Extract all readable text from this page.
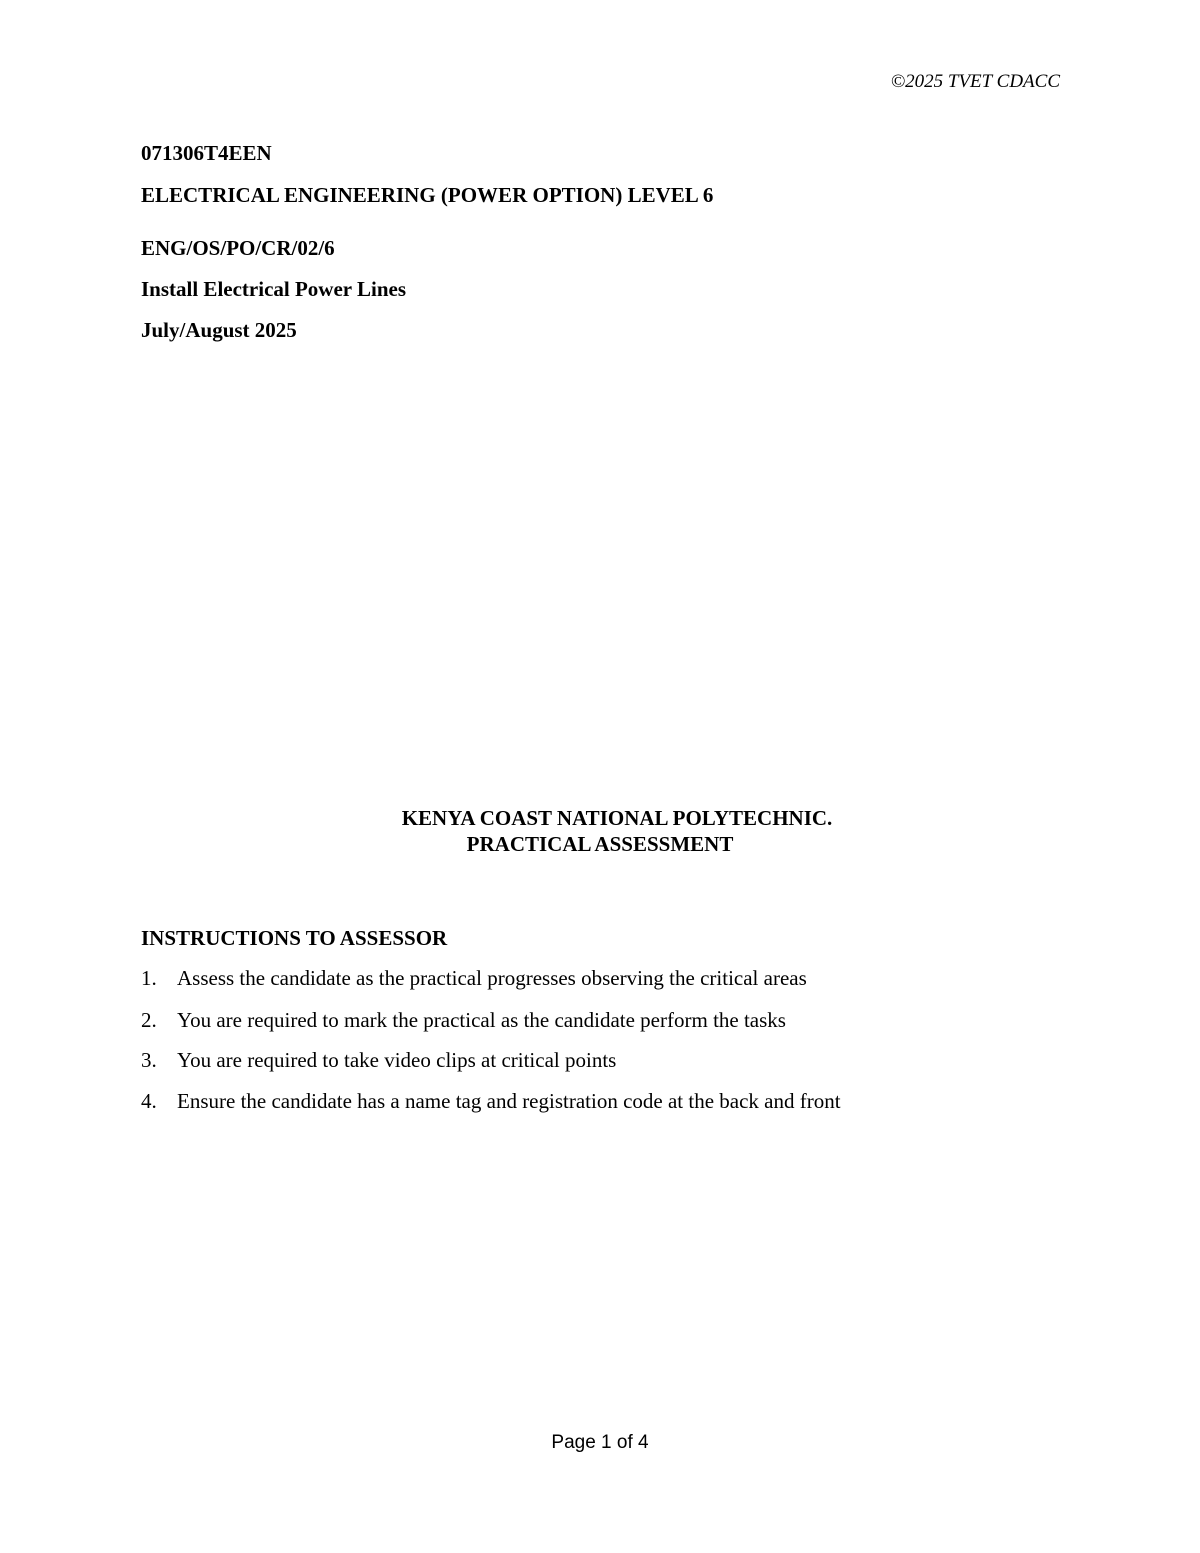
©2025 TVET CDACC
071306T4EEN
ELECTRICAL ENGINEERING (POWER OPTION) LEVEL 6
ENG/OS/PO/CR/02/6
Install Electrical Power Lines
July/August 2025
KENYA COAST NATIONAL POLYTECHNIC.
PRACTICAL ASSESSMENT
INSTRUCTIONS TO ASSESSOR
1. Assess the candidate as the practical progresses observing the critical areas
2. You are required to mark the practical as the candidate perform the tasks
3. You are required to take video clips at critical points
4. Ensure the candidate has a name tag and registration code at the back and front
Page 1 of 4
